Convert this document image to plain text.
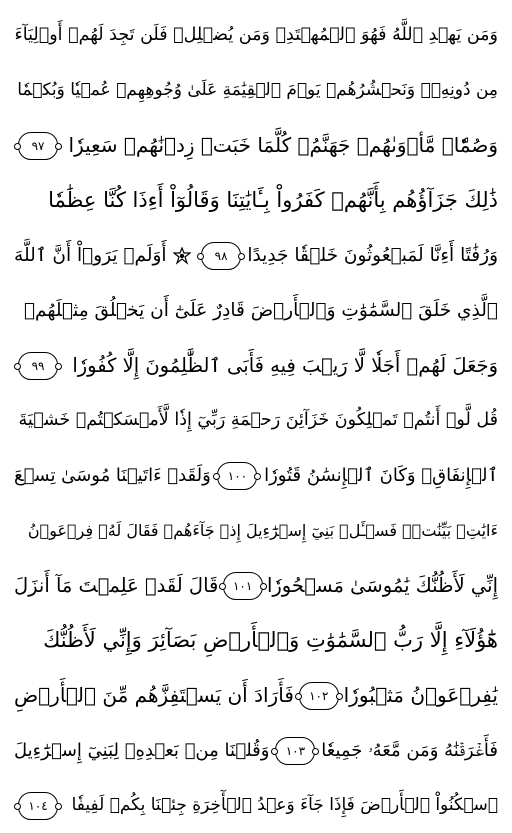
وَمَن يَهۡدِ ٱللَّهُ فَهُوَ ٱلۡمُهۡتَدِۖ وَمَن يُضۡلِلۡ فَلَن تَجِدَ لَهُمۡ أَوۡلِيَآءَ
مِن دُونِهِۦۖ وَنَحۡشُرُهُمۡ يَوۡمَ ٱلۡقِيَٰمَةِ عَلَىٰ وُجُوهِهِمۡ عُمۡيٗا وَبُكۡمٗا
وَصُمّٗاۖ مَّأۡوَىٰهُمۡ جَهَنَّمُۖ كُلَّمَا خَبَتۡ زِدۡنَٰهُمۡ سَعِيرٗا
٩٧
ذَٰلِكَ جَزَآؤُهُم بِأَنَّهُمۡ كَفَرُواْ بِـَٔايَٰتِنَا وَقَالُوٓاْ أَءِذَا كُنَّا عِظَٰمٗا
وَرُفَٰتًا أَءِنَّا لَمَبۡعُوثُونَ خَلۡقٗا جَدِيدًا
٩٨
أَوَلَمۡ يَرَوۡاْ أَنَّ ٱللَّهَ
ٱلَّذِي خَلَقَ ٱلسَّمَٰوَٰتِ وَٱلۡأَرۡضَ قَادِرٌ عَلَىٰٓ أَن يَخۡلُقَ مِثۡلَهُمۡ
وَجَعَلَ لَهُمۡ أَجَلٗا لَّا رَيۡبَ فِيهِ فَأَبَى ٱلظَّٰلِمُونَ إِلَّا كُفُورٗا
٩٩
قُل لَّوۡ أَنتُمۡ تَمۡلِكُونَ خَزَآئِنَ رَحۡمَةِ رَبِّيٓ إِذٗا لَّأَمۡسَكۡتُمۡ خَشۡيَةَ
ٱلۡإِنفَاقِۚ وَكَانَ ٱلۡإِنسَٰنُ قَتُورٗا
١٠٠
وَلَقَدۡ ءَاتَيۡنَا مُوسَىٰ تِسۡعَ
ءَايَٰتِۭ بَيِّنَٰتٖۖ فَسۡـَٔلۡ بَنِيٓ إِسۡرَٰٓءِيلَ إِذۡ جَآءَهُمۡ فَقَالَ لَهُۥ فِرۡعَوۡنُ
إِنِّي لَأَظُنُّكَ يَٰمُوسَىٰ مَسۡحُورٗا
١٠١
قَالَ لَقَدۡ عَلِمۡتَ مَآ أَنزَلَ
هَٰٓؤُلَآءِ إِلَّا رَبُّ ٱلسَّمَٰوَٰتِ وَٱلۡأَرۡضِ بَصَآئِرَ وَإِنِّي لَأَظُنُّكَ
يَٰفِرۡعَوۡنُ مَثۡبُورٗا
١٠٢
فَأَرَادَ أَن يَسۡتَفِزَّهُم مِّنَ ٱلۡأَرۡضِ
فَأَغۡرَقۡنَٰهُ وَمَن مَّعَهُۥ جَمِيعٗا
١٠٣
وَقُلۡنَا مِنۢ بَعۡدِهِۦ لِبَنِيٓ إِسۡرَٰٓءِيلَ
ٱسۡكُنُواْ ٱلۡأَرۡضَ فَإِذَا جَآءَ وَعۡدُ ٱلۡأٓخِرَةِ جِئۡنَا بِكُمۡ لَفِيفٗا
١٠٤
